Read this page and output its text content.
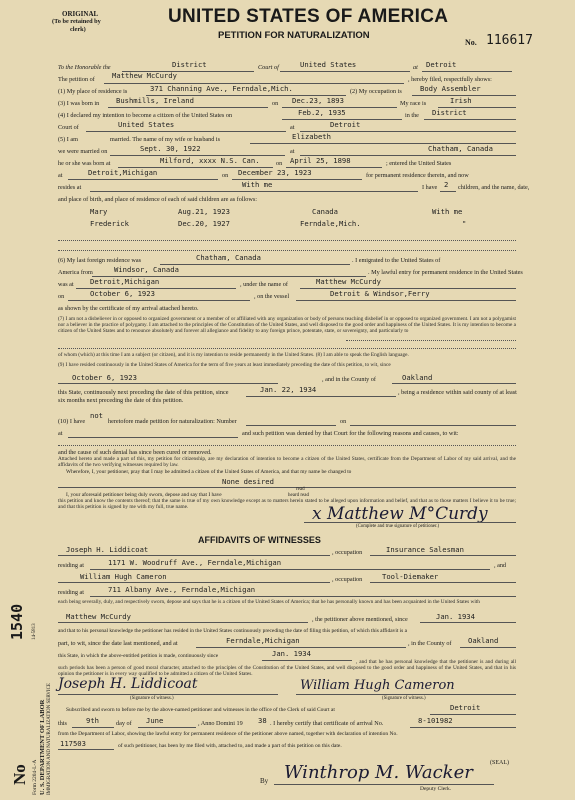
ORIGINAL
(To be retained by
clerk)
UNITED STATES OF AMERICA
PETITION FOR NATURALIZATION
No. 116617
No
1540
Form 2204-L-A U. S. DEPARTMENT OF LABOR IMMIGRATION AND NATURALIZATION SERVICE
14-5813
To the Honorable the	District	Court of	United States	at Detroit
The petition of Matthew McCurdy	, hereby filed, respectfully shows:
(1) My place of residence is	371 Channing Ave., Ferndale,Mich.	(2) My occupation is	Body Assembler
(3) I was born in Bushmills, Ireland	on Dec.23, 1893	My race is	Irish
(4) I declared my intention to become a citizen of the United States on	Feb.2, 1935	in the District
Court of	United States	at	Detroit
(5) I am	married. The name of my wife or husband is	Elizabeth
we were married on	Sept. 30, 1922	at	Chatham, Canada
he or she was born at	Milford, xxxx N.S. Can.	on April 25, 1898	; entered the United States
at	Detroit,Michigan	on December 23, 1923	for permanent residence therein, and now
resides at	With me	I have 2 children, and the name, date,
and place of birth, and place of residence of each of said children are as follows:
Mary	Aug.21, 1923	Canada	With me
Frederick	Dec.20, 1927	Ferndale,Mich.	"
(6) My last foreign residence was	Chatham, Canada	. I emigrated to the United States of
America from	Windsor, Canada	. My lawful entry for permanent residence in the United States
was at Detroit,Michigan	, under the name of	Matthew McCurdy
on	October 6, 1923	, on the vessel	Detroit & Windsor,Ferry
as shown by the certificate of my arrival attached hereto.
(7) I am not a disbeliever in or opposed to organized government or a member of or affiliated with any organization or body of persons teaching disbelief in or opposed to organized government. I am not a polygamist nor a believer in the practice of polygamy. I am attached to the principles of the Constitution of the United States, and well disposed to the good order and happiness of the United States. It is my intention to become a citizen of the United States and to renounce absolutely and forever all allegiance and fidelity to any foreign prince, potentate, state, or sovereignty, and particularly to
of whom (which) at this time I am a subject (or citizen), and it is my intention to reside permanently in the United States. (8) I am able to speak the English language.
(9) I have resided continuously in the United States of America for the term of five years at least immediately preceding the date of this petition, to wit, since
October 6, 1923	, and in the County of	Oakland
this State, continuously next preceding the date of this petition, since	Jan. 22, 1934	, being a residence within said county of at least
six months next preceding the date of this petition.
(10) I have
not
heretofore made petition for naturalization: Number	on
at	and such petition was denied by that Court for the following reasons and causes, to wit:
and the cause of such denial has since been cured or removed.
Attached hereto and made a part of this, my petition for citizenship, are my declaration of intention to become a citizen of the United States, certificate from the Department of Labor of my said arrival, and the affidavits of the two verifying witnesses required by law.
Wherefore, I, your petitioner, pray that I may be admitted a citizen of the United States of America, and that my name be changed to
None desired
I, your aforesaid petitioner being duly sworn, depose and say that I have
read
heard read
this petition and know the contents thereof; that the same is true of my own knowledge except as to matters herein stated to be alleged upon information and belief, and that as to those matters I believe it to be true; and that this petition is signed by me with my full, true name.	x Matthew M°Curdy
(Complete and true signature of petitioner.)
AFFIDAVITS OF WITNESSES
Joseph H. Liddicoat	, occupation	Insurance Salesman
residing at	1171 W. Woodruff Ave., Ferndale,Michigan	, and
William Hugh Cameron	, occupation	Tool-Diemaker
residing at	711 Albany Ave., Ferndale,Michigan
each being severally, duly, and respectively sworn, depose and says that he is a citizen of the United States of America; that he has personally known and has been acquainted in the United States with
Matthew McCurdy	, the petitioner above mentioned, since	Jan. 1934
and that to his personal knowledge the petitioner has resided in the United States continuously preceding the date of filing this petition, of which this affidavit is a
part, to wit, since the date last mentioned, and at	Ferndale,Michigan	, in the County of Oakland
this State, in which the above-entitled petition is made, continuously since	Jan. 1934
, and that he has personal knowledge that the petitioner is and during all such periods has been a person of good moral character, attached to the principles of the Constitution of the United States, and well disposed to the good order and happiness of the United States, and that in his opinion the petitioner is in every way qualified to be admitted a citizen of the United States.
Joseph H. Liddicoat
(Signature of witness.)
William Hugh Cameron
(Signature of witness.)
Subscribed and sworn to before me by the above-named petitioner and witnesses in the office of the Clerk of said Court at	Detroit
this	9th	day of June	, Anno Domini 19 38 . I hereby certify that certificate of arrival No.	8-101982
from the Department of Labor, showing the lawful entry for permanent residence of the petitioner above named, together with declaration of intention No.
117503	of such petitioner, has been by me filed with, attached to, and made a part of this petition on this date.
(SEAL)
By Winthrop M. Wacker
Deputy Clerk.
